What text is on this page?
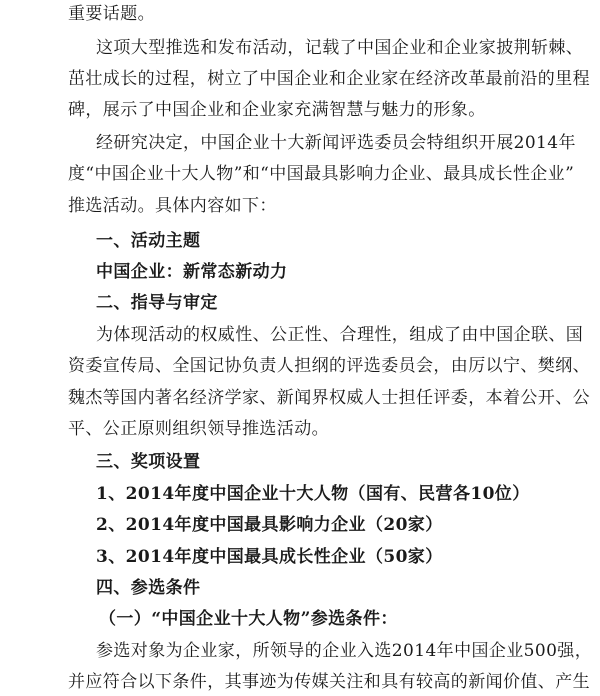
重要话题。
这项大型推选和发布活动，记载了中国企业和企业家披荆斩棘、
茁壮成长的过程，树立了中国企业和企业家在经济改革最前沿的里程
碑，展示了中国企业和企业家充满智慧与魅力的形象。
经研究决定，中国企业十大新闻评选委员会特组织开展2014年
度“中国企业十大人物”和“中国最具影响力企业、最具成长性企业”
推选活动。具体内容如下：
一、活动主题
中国企业：新常态新动力
二、指导与审定
为体现活动的权威性、公正性、合理性，组成了由中国企联、国
资委宣传局、全国记协负责人担纲的评选委员会，由厉以宁、樊纲、
魏杰等国内著名经济学家、新闻界权威人士担任评委，本着公开、公
平、公正原则组织领导推选活动。
三、奖项设置
1、2014年度中国企业十大人物（国有、民营各10位）
2、2014年度中国最具影响力企业（20家）
3、2014年度中国最具成长性企业（50家）
四、参选条件
（一）“中国企业十大人物”参选条件：
参选对象为企业家，所领导的企业入选2014年中国企业500强，
并应符合以下条件，其事迹为传媒关注和具有较高的新闻价值、产生
